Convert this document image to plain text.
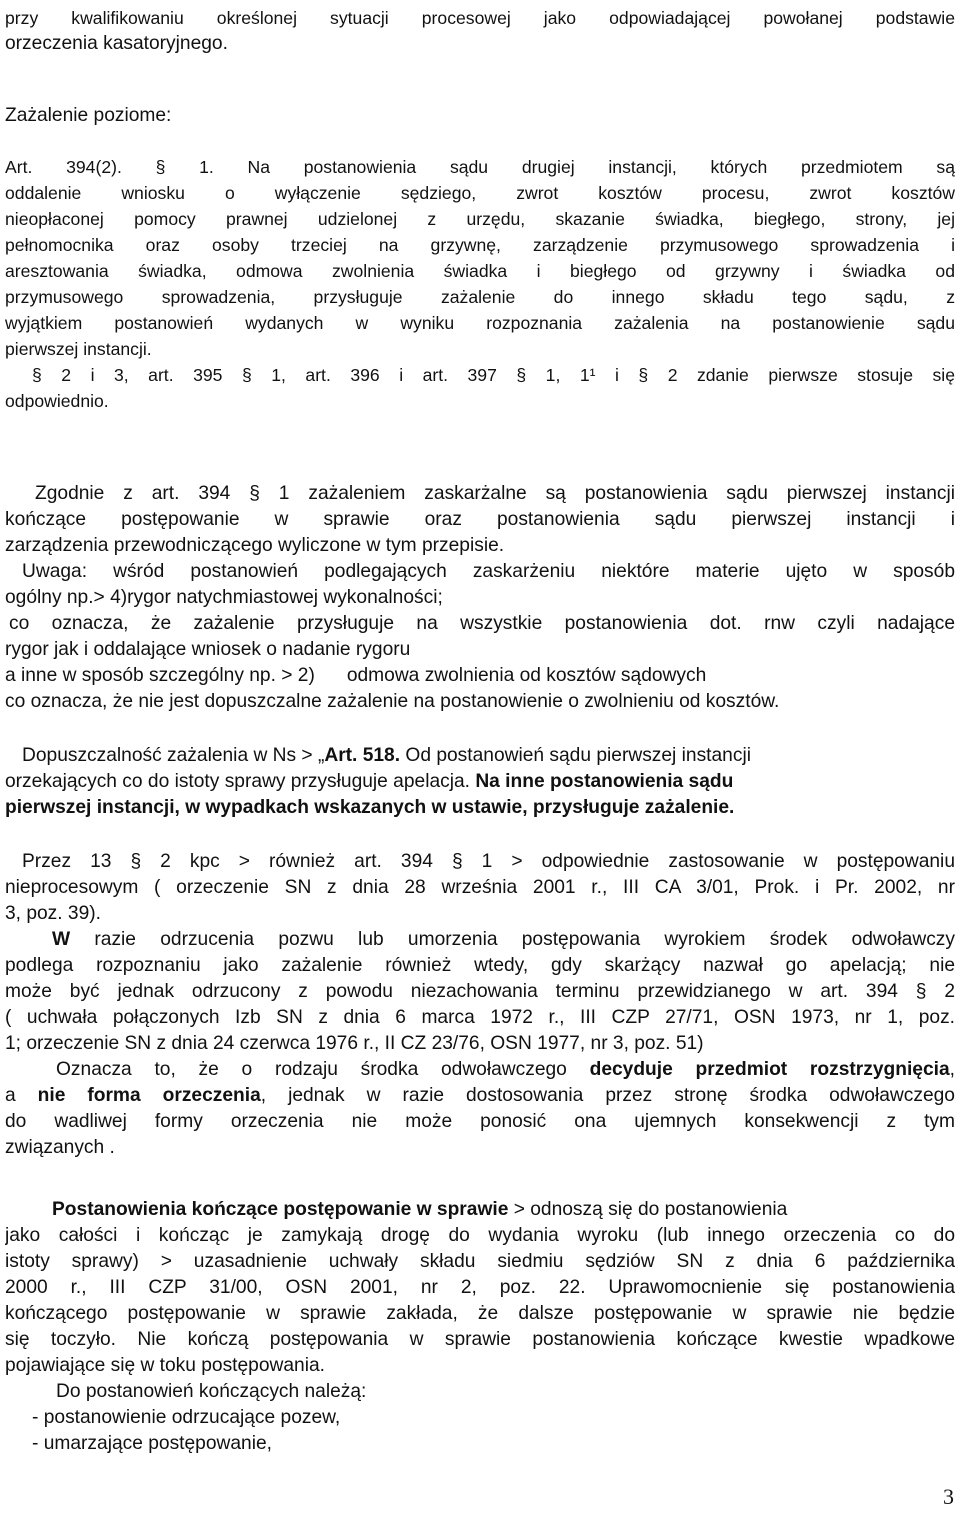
przy kwalifikowaniu określonej sytuacji procesowej jako odpowiadającej powołanej podstawie
orzeczenia kasatoryjnego.
Zażalenie poziome:
Art. 394(2). § 1. Na postanowienia sądu drugiej instancji, których przedmiotem są
oddalenie wniosku o wyłączenie sędziego, zwrot kosztów procesu, zwrot kosztów
nieopłaconej pomocy prawnej udzielonej z urzędu, skazanie świadka, biegłego, strony, jej
pełnomocnika oraz osoby trzeciej na grzywnę, zarządzenie przymusowego sprowadzenia i
aresztowania świadka, odmowa zwolnienia świadka i biegłego od grzywny i świadka od
przymusowego sprowadzenia, przysługuje zażalenie do innego składu tego sądu, z
wyjątkiem postanowień wydanych w wyniku rozpoznania zażalenia na postanowienie sądu
pierwszej instancji.
§ 2 i 3, art. 395 § 1, art. 396 i art. 397 § 1, 1¹ i § 2 zdanie pierwsze stosuje się
odpowiednio.
Zgodnie z art. 394 § 1 zażaleniem zaskarżalne są postanowienia sądu pierwszej instancji
kończące postępowanie w sprawie oraz postanowienia sądu pierwszej instancji i
zarządzenia przewodniczącego wyliczone w tym przepisie.
Uwaga: wśród postanowień podlegających zaskarżeniu niektóre materie ujęto w sposób
ogólny np.> 4)rygor natychmiastowej wykonalności;
co oznacza, że zażalenie przysługuje na wszystkie postanowienia dot. rnw czyli nadające
rygor jak i oddalające wniosek o nadanie rygoru
a inne w sposób szczególny np. > 2)      odmowa zwolnienia od kosztów sądowych
co oznacza, że nie jest dopuszczalne zażalenie na postanowienie o zwolnieniu od kosztów.
Dopuszczalność zażalenia w Ns > „Art. 518. Od postanowień sądu pierwszej instancji
orzekających co do istoty sprawy przysługuje apelacja. Na inne postanowienia sądu
pierwszej instancji, w wypadkach wskazanych w ustawie, przysługuje zażalenie.
Przez 13 § 2 kpc > również art. 394 § 1 > odpowiednie zastosowanie w postępowaniu
nieprocesowym ( orzeczenie SN z dnia 28 września 2001 r., III CA 3/01, Prok. i Pr. 2002, nr
3, poz. 39).
W razie odrzucenia pozwu lub umorzenia postępowania wyrokiem środek odwoławczy
podlega rozpoznaniu jako zażalenie również wtedy, gdy skarżący nazwał go apelacją; nie
może być jednak odrzucony z powodu niezachowania terminu przewidzianego w art. 394 § 2
( uchwała połączonych Izb SN z dnia 6 marca 1972 r., III CZP 27/71, OSN 1973, nr 1, poz.
1; orzeczenie SN z dnia 24 czerwca 1976 r., II CZ 23/76, OSN 1977, nr 3, poz. 51)
Oznacza to, że o rodzaju środka odwoławczego decyduje przedmiot rozstrzygnięcia,
a nie forma orzeczenia, jednak w razie dostosowania przez stronę środka odwoławczego
do wadliwej formy orzeczenia nie może ponosić ona ujemnych konsekwencji z tym
związanych .
Postanowienia kończące postępowanie w sprawie > odnoszą się do postanowienia
jako całości i kończąc je zamykają drogę do wydania wyroku (lub innego orzeczenia co do
istoty sprawy) > uzasadnienie uchwały składu siedmiu sędziów SN z dnia 6 października
2000 r., III CZP 31/00, OSN 2001, nr 2, poz. 22. Uprawomocnienie się postanowienia
kończącego postępowanie w sprawie zakłada, że dalsze postępowanie w sprawie nie będzie
się toczyło. Nie kończą postępowania w sprawie postanowienia kończące kwestie wpadkowe
pojawiające się w toku postępowania.
Do postanowień kończących należą:
- postanowienie odrzucające pozew,
- umarzające postępowanie,
3
